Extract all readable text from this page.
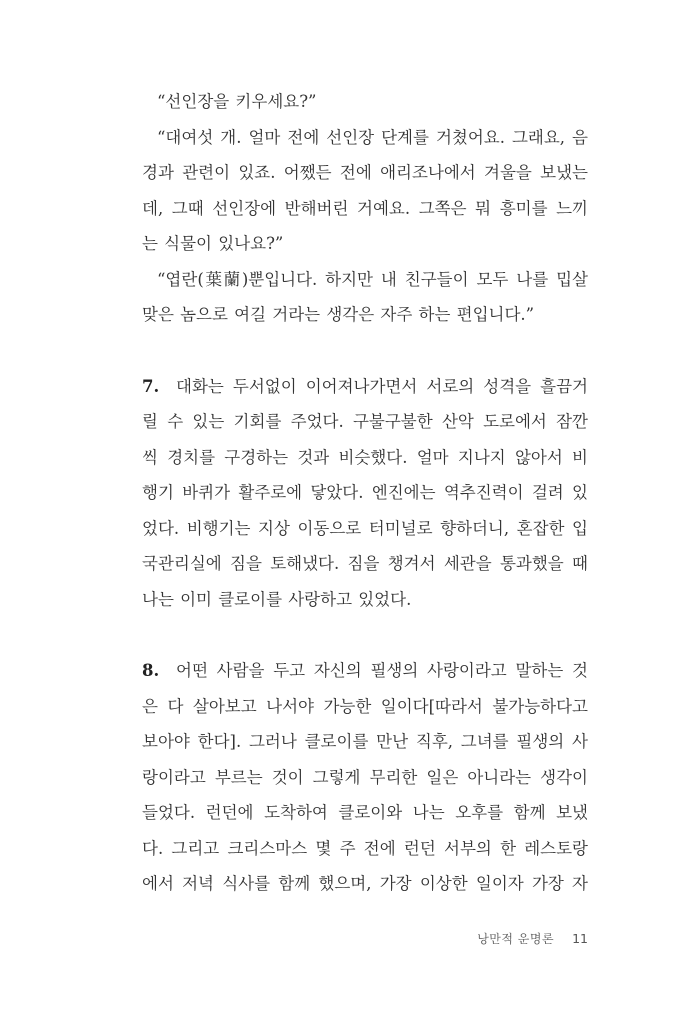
“선인장을 키우세요?”
“대여섯 개. 얼마 전에 선인장 단계를 거쳤어요. 그래요, 음
경과 관련이 있죠. 어쨌든 전에 애리조나에서 겨울을 보냈는
데, 그때 선인장에 반해버린 거예요. 그쪽은 뭐 흥미를 느끼
는 식물이 있나요?”
“엽란(葉蘭)뿐입니다. 하지만 내 친구들이 모두 나를 밉살
맞은 놈으로 여길 거라는 생각은 자주 하는 편입니다.”
7. 대화는 두서없이 이어져나가면서 서로의 성격을 흘끔거
릴 수 있는 기회를 주었다. 구불구불한 산악 도로에서 잠깐
씩 경치를 구경하는 것과 비슷했다. 얼마 지나지 않아서 비
행기 바퀴가 활주로에 닿았다. 엔진에는 역추진력이 걸려 있
었다. 비행기는 지상 이동으로 터미널로 향하더니, 혼잡한 입
국관리실에 짐을 토해냈다. 짐을 챙겨서 세관을 통과했을 때
나는 이미 클로이를 사랑하고 있었다.
8. 어떤 사람을 두고 자신의 필생의 사랑이라고 말하는 것
은 다 살아보고 나서야 가능한 일이다[따라서 불가능하다고
보아야 한다]. 그러나 클로이를 만난 직후, 그녀를 필생의 사
랑이라고 부르는 것이 그렇게 무리한 일은 아니라는 생각이
들었다. 런던에 도착하여 클로이와 나는 오후를 함께 보냈
다. 그리고 크리스마스 몇 주 전에 런던 서부의 한 레스토랑
에서 저녁 식사를 함께 했으며, 가장 이상한 일이자 가장 자
낭만적 운명론 11
